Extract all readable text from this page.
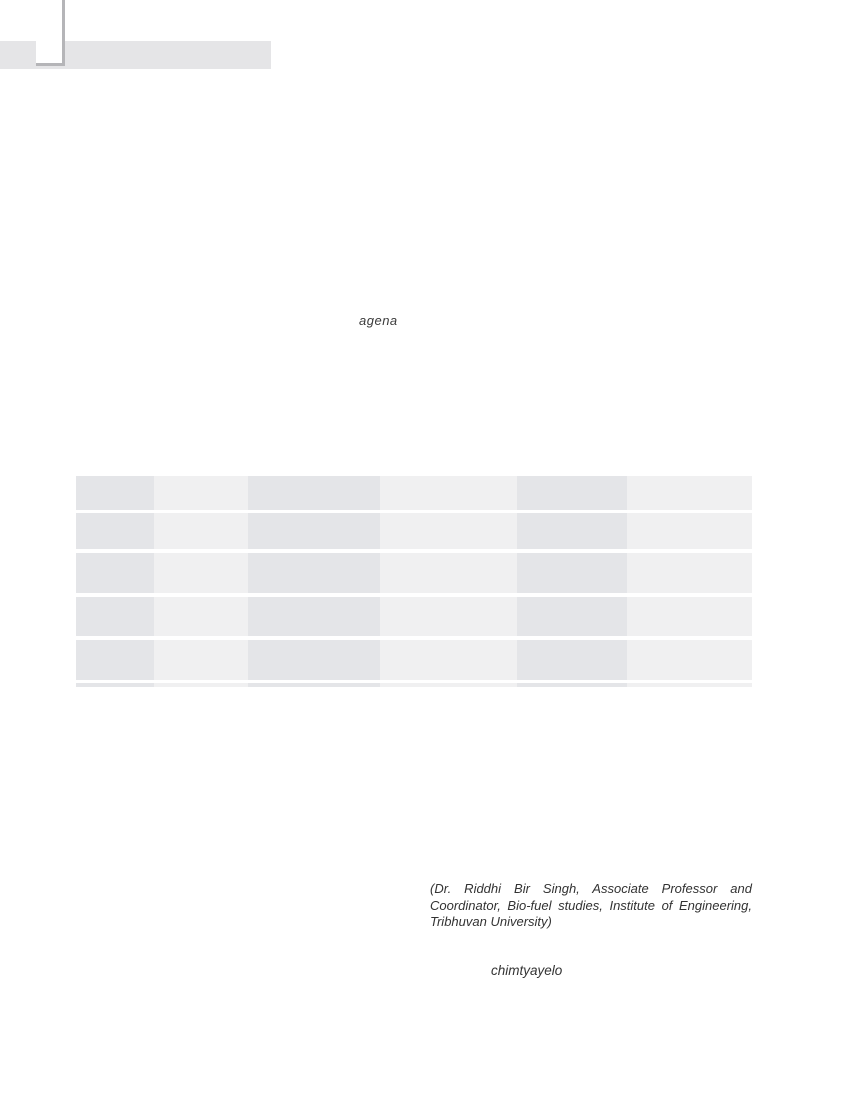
agena
(Dr. Riddhi Bir Singh, Associate Professor and
Coordinator, Bio-fuel studies, Institute of Engineering,
Tribhuvan University)
chimtyayelo
